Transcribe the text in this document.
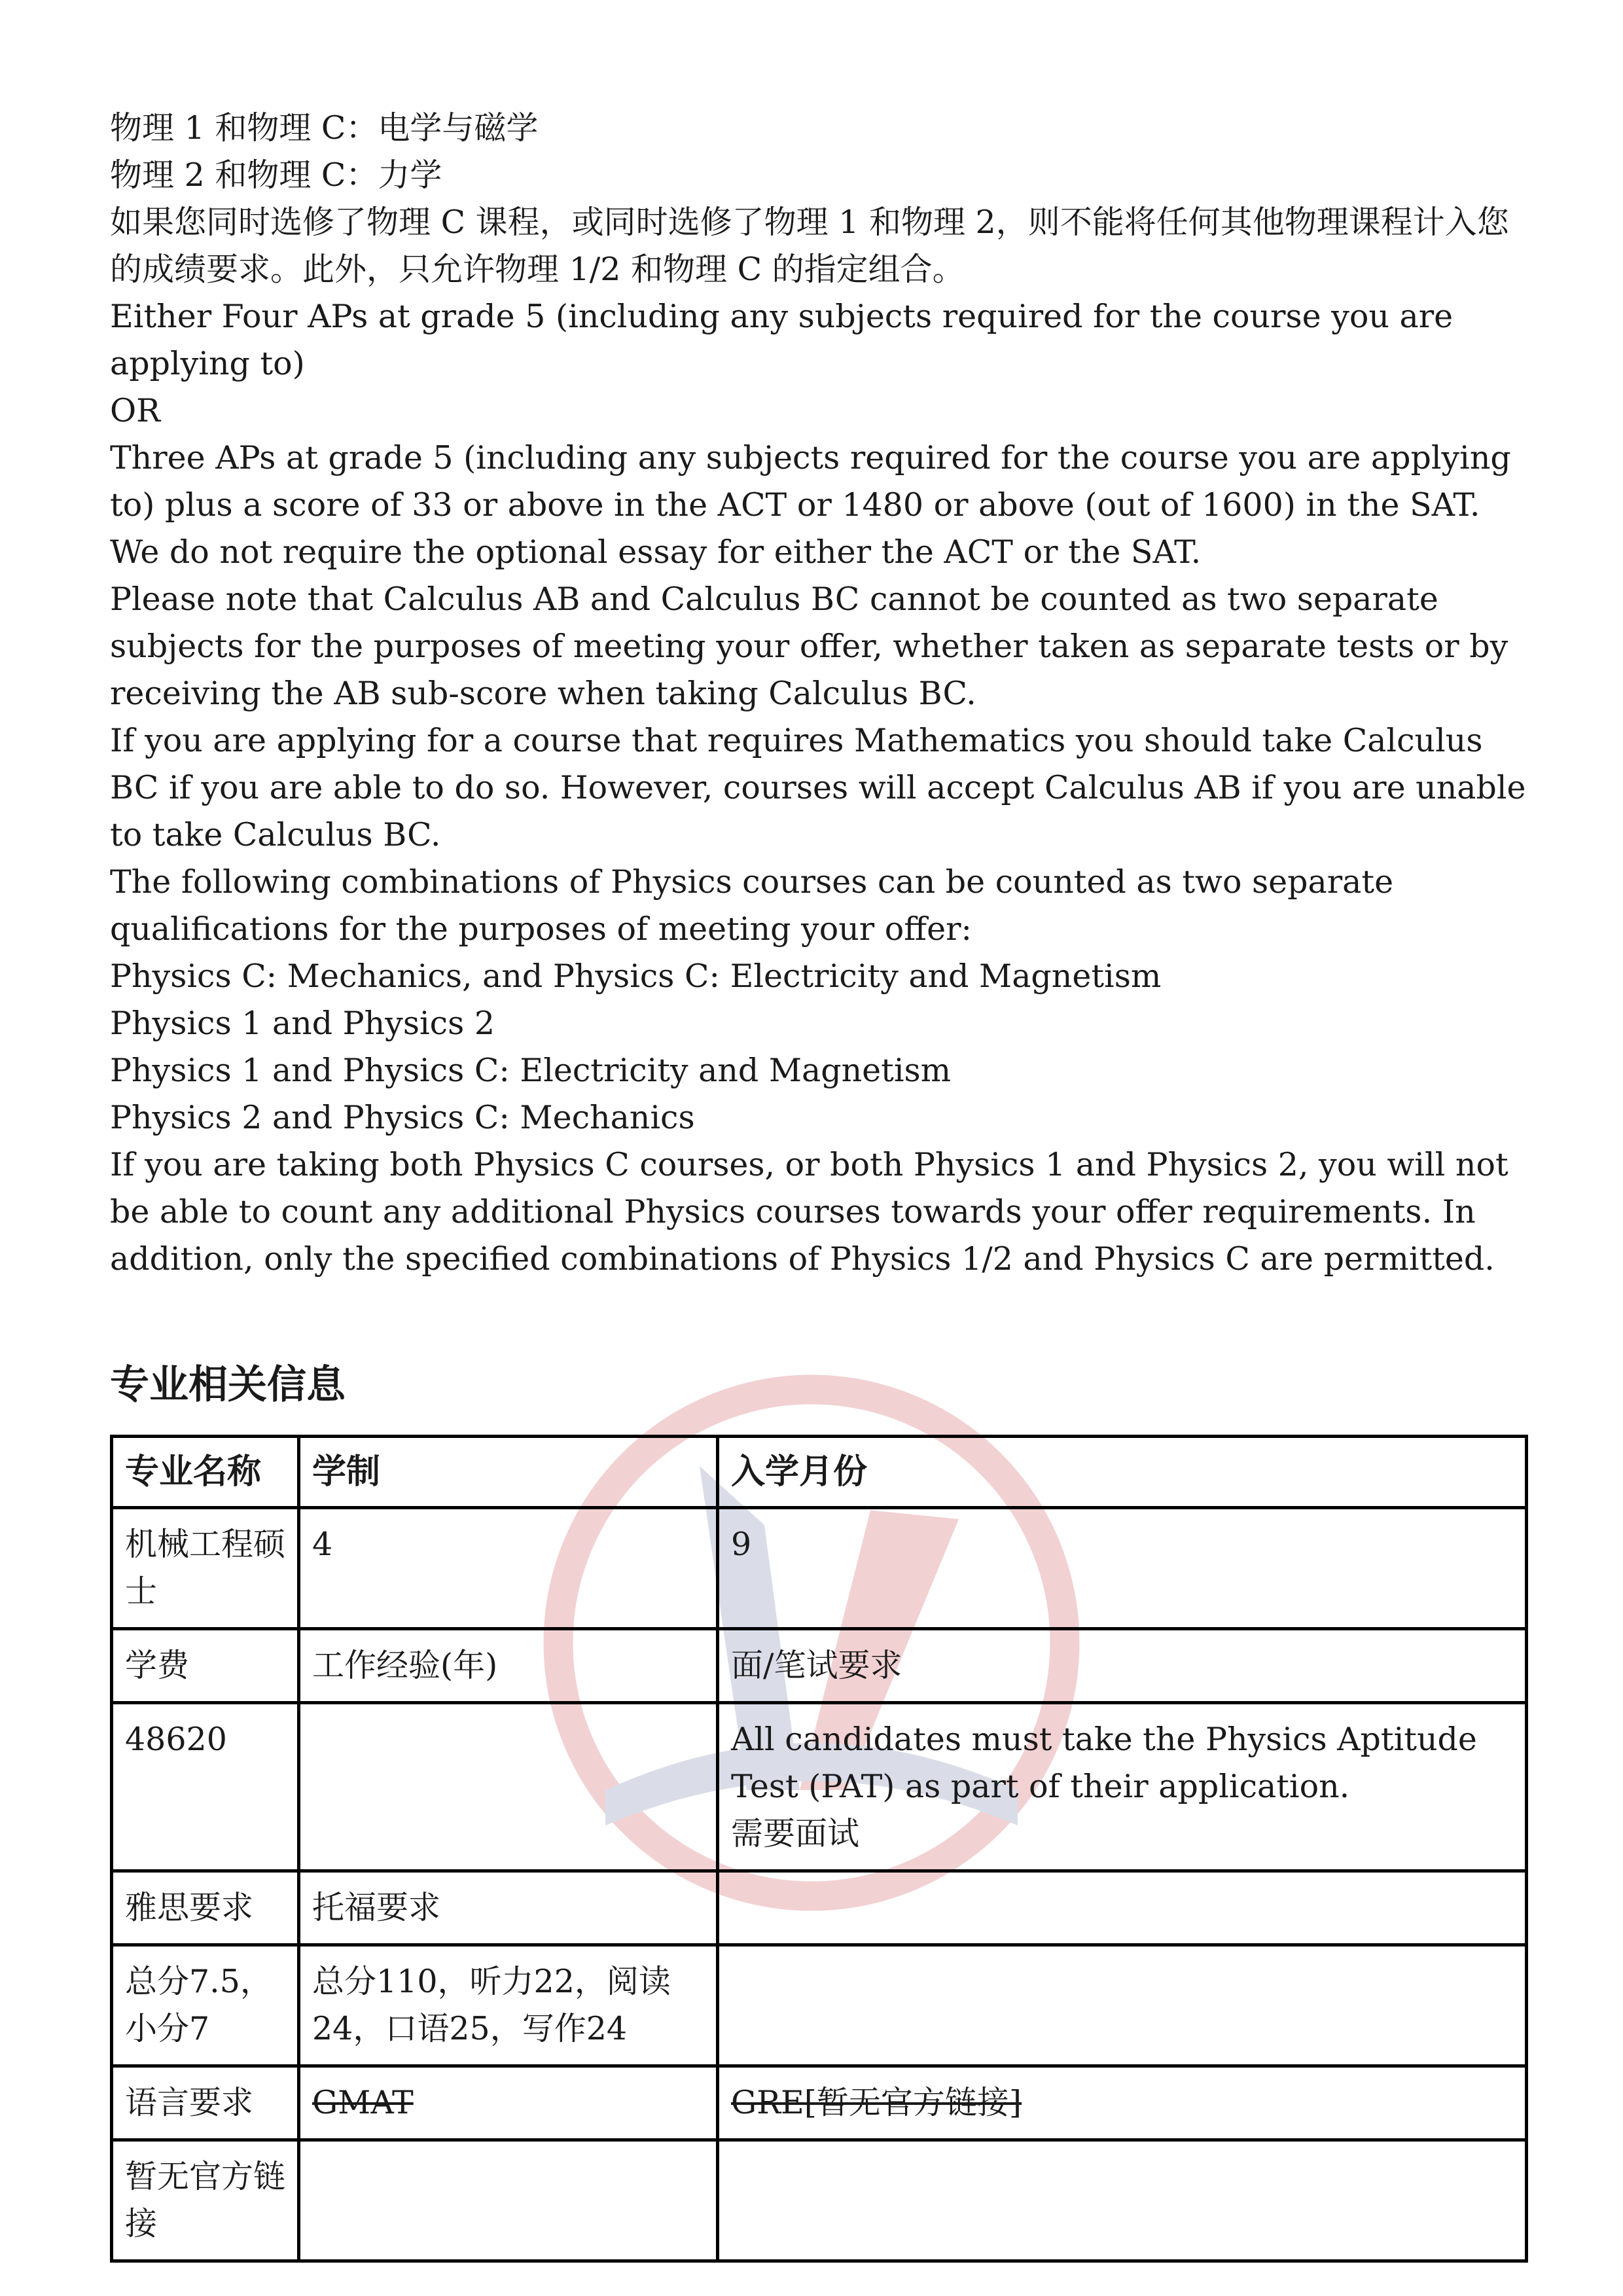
物理 1 和物理 C：电学与磁学

物理 2 和物理 C：力学

如果您同时选修了物理 C 课程，或同时选修了物理 1 和物理 2，则不能将任何其他物理课程计入您的成绩要求。此外，只允许物理 1/2 和物理 C 的指定组合。

Either Four APs at grade 5 (including any subjects required for the course you are applying to)

OR

Three APs at grade 5 (including any subjects required for the course you are applying to) plus a score of 33 or above in the ACT or 1480 or above (out of 1600) in the SAT. We do not require the optional essay for either the ACT or the SAT.

Please note that Calculus AB and Calculus BC cannot be counted as two separate subjects for the purposes of meeting your offer, whether taken as separate tests or by receiving the AB sub-score when taking Calculus BC.

If you are applying for a course that requires Mathematics you should take Calculus BC if you are able to do so. However, courses will accept Calculus AB if you are unable to take Calculus BC.

The following combinations of Physics courses can be counted as two separate qualifications for the purposes of meeting your offer:

Physics C: Mechanics, and Physics C: Electricity and Magnetism

Physics 1 and Physics 2

Physics 1 and Physics C: Electricity and Magnetism

Physics 2 and Physics C: Mechanics

If you are taking both Physics C courses, or both Physics 1 and Physics 2, you will not be able to count any additional Physics courses towards your offer requirements. In addition, only the specified combinations of Physics 1/2 and Physics C are permitted.

专业相关信息
专业名称	学制	入学月份
机械工程硕士	4	9
学费	工作经验(年)	面/笔试要求
48620		All candidates must take the Physics Aptitude Test (PAT) as part of their application.
需要面试

雅思要求	托福要求	
总分7.5，小分7	总分110，听力22，阅读24，口语25，写作24	
语言要求	GMAT	GRE[暂无官方链接]
暂无官方链接		
